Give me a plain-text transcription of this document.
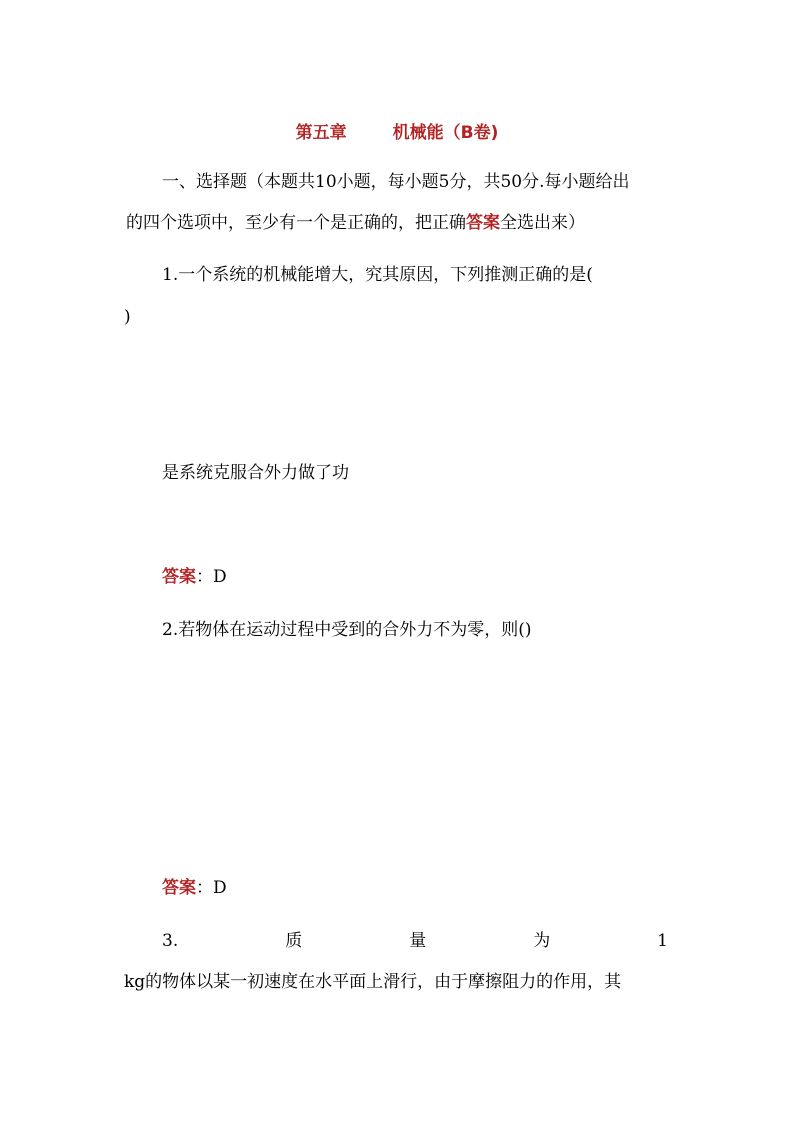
第五章	机械能（B卷)
一、选择题（本题共10小题，每小题5分，共50分.每小题给出
的四个选项中，至少有一个是正确的，把正确答案全选出来）
1.一个系统的机械能增大，究其原因，下列推测正确的是(
)
是系统克服合外力做了功
答案：D
2.若物体在运动过程中受到的合外力不为零，则()
答案：D
3.	质	量	为	1
kg的物体以某一初速度在水平面上滑行，由于摩擦阻力的作用，其
